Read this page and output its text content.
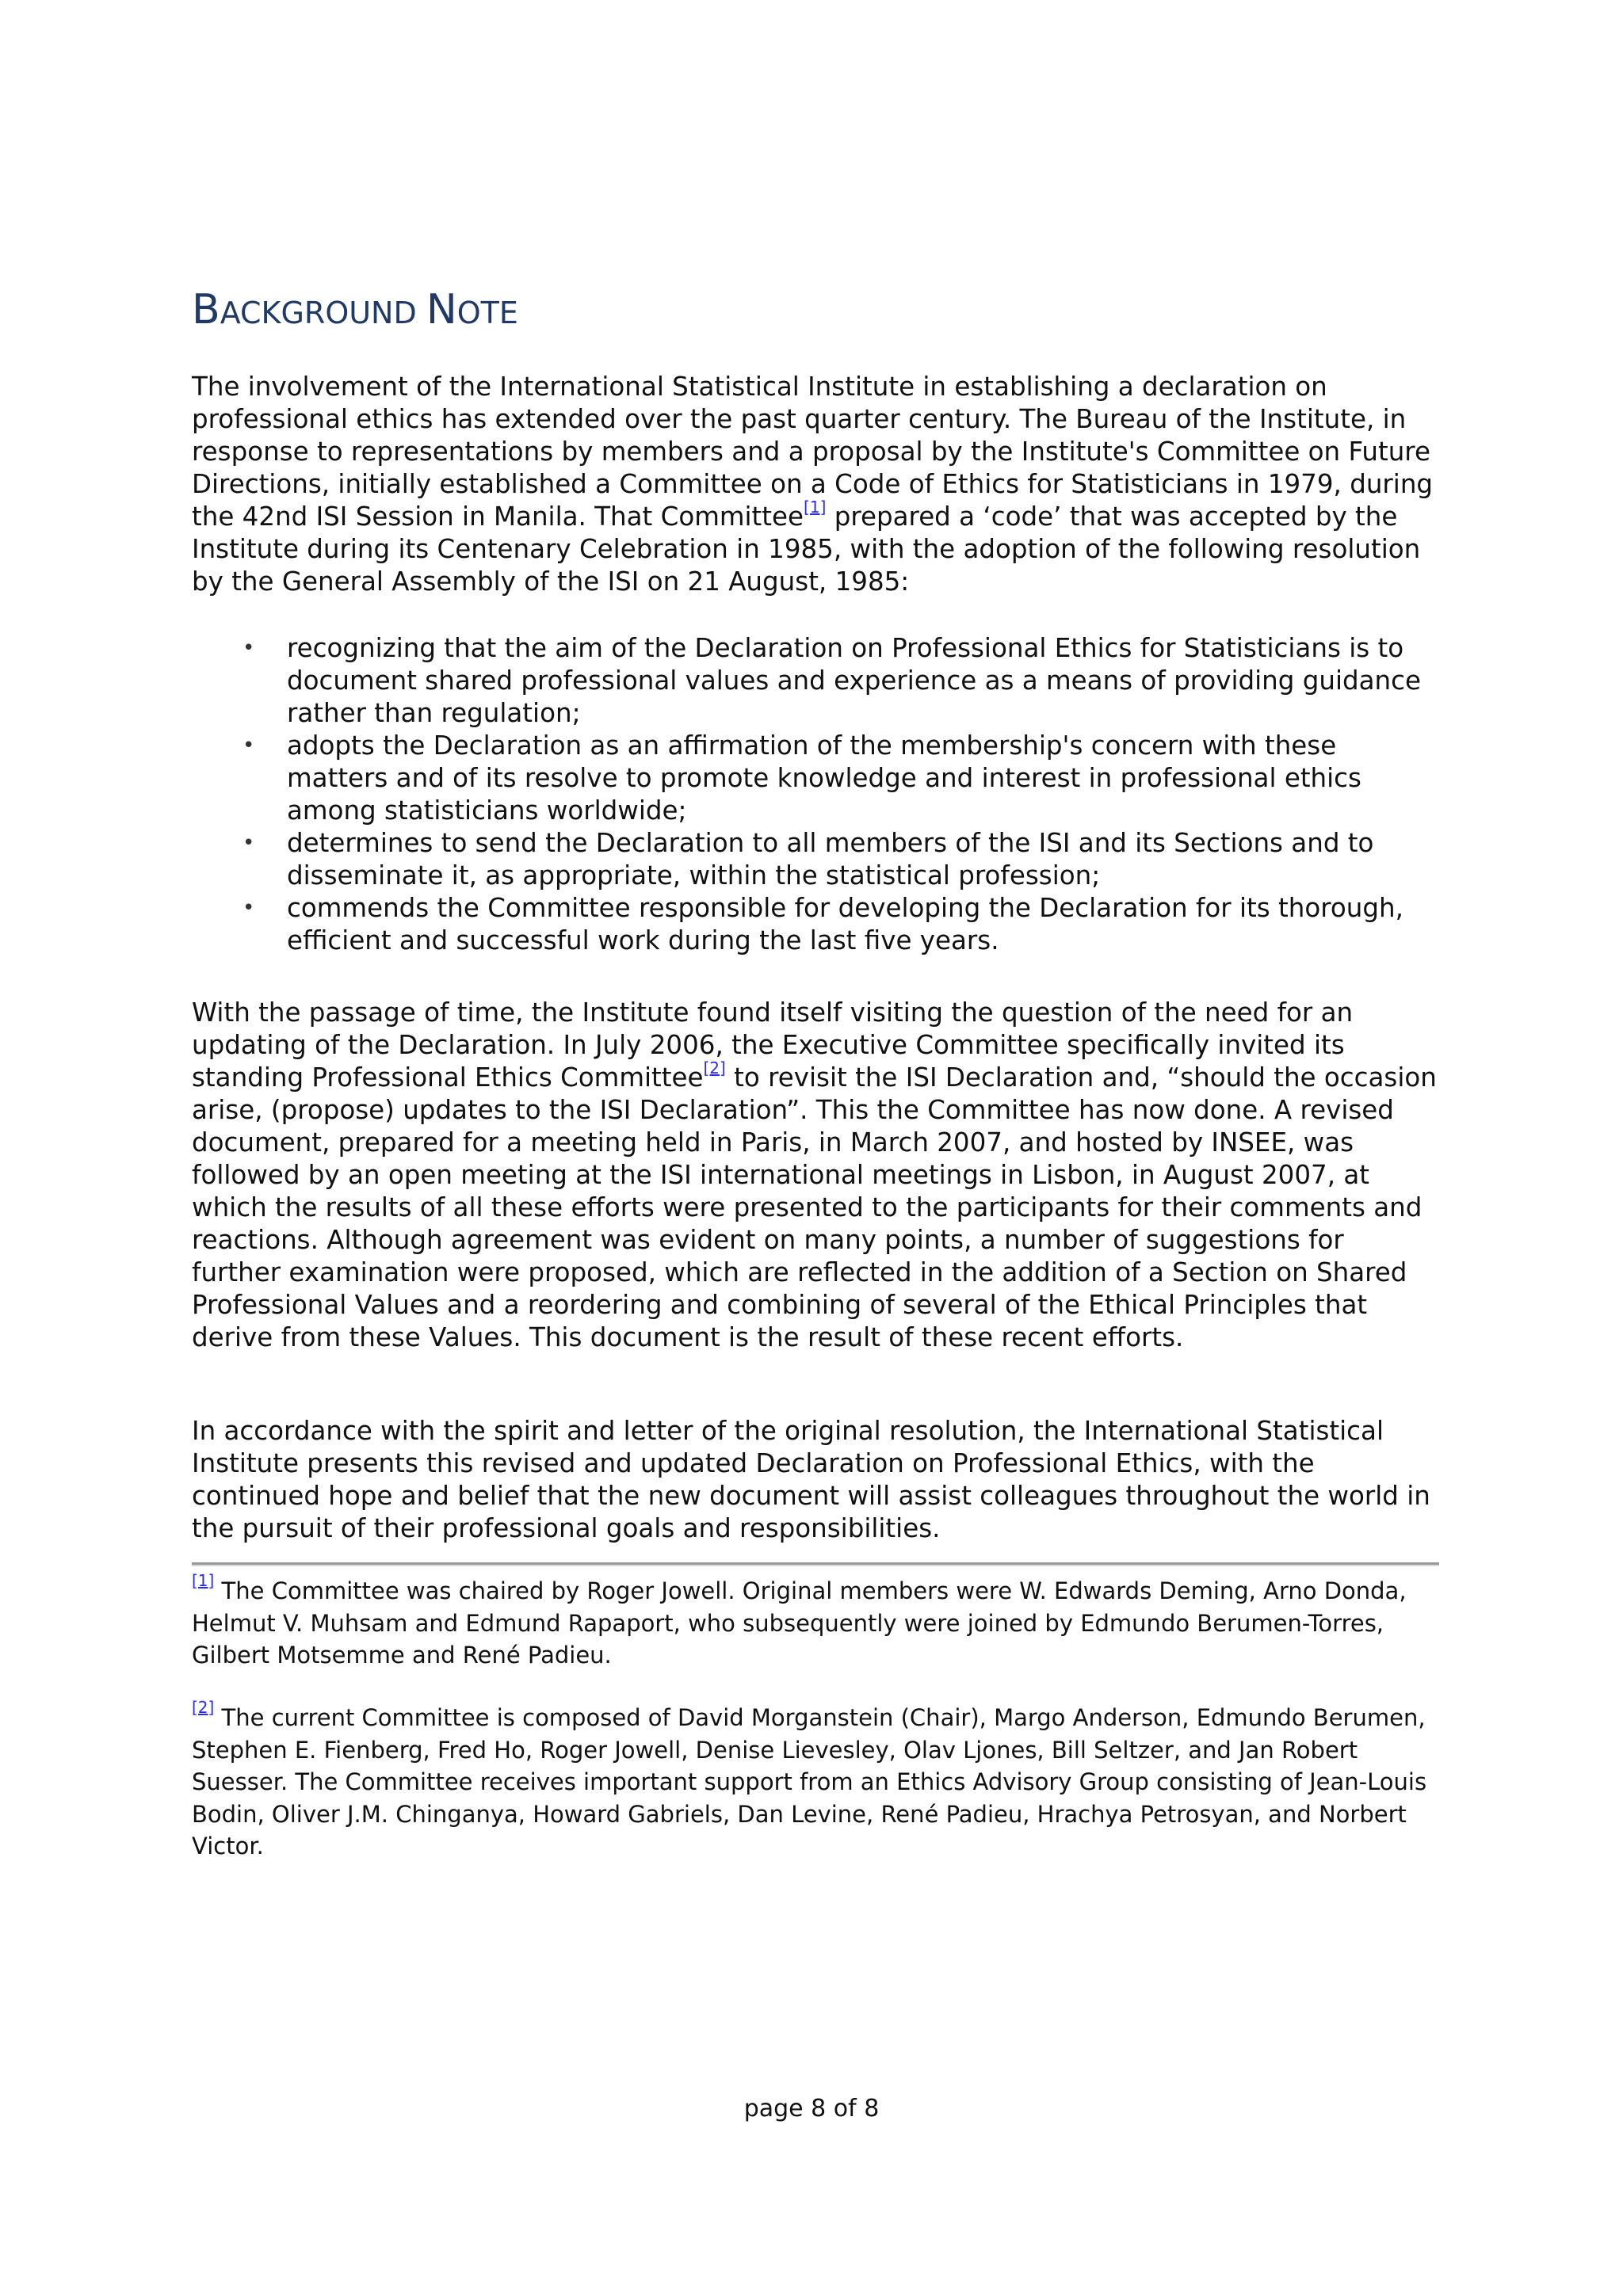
BACKGROUND NOTE

The involvement of the International Statistical Institute in establishing a declaration on professional ethics has extended over the past quarter century. The Bureau of the Institute, in response to representations by members and a proposal by the Institute's Committee on Future Directions, initially established a Committee on a Code of Ethics for Statisticians in 1979, during the 42nd ISI Session in Manila. That Committee[1] prepared a ‘code’ that was accepted by the Institute during its Centenary Celebration in 1985, with the adoption of the following resolution by the General Assembly of the ISI on 21 August, 1985:

• recognizing that the aim of the Declaration on Professional Ethics for Statisticians is to document shared professional values and experience as a means of providing guidance rather than regulation;
• adopts the Declaration as an affirmation of the membership's concern with these matters and of its resolve to promote knowledge and interest in professional ethics among statisticians worldwide;
• determines to send the Declaration to all members of the ISI and its Sections and to disseminate it, as appropriate, within the statistical profession;
• commends the Committee responsible for developing the Declaration for its thorough, efficient and successful work during the last five years.

With the passage of time, the Institute found itself visiting the question of the need for an updating of the Declaration. In July 2006, the Executive Committee specifically invited its standing Professional Ethics Committee[2] to revisit the ISI Declaration and, “should the occasion arise, (propose) updates to the ISI Declaration”. This the Committee has now done. A revised document, prepared for a meeting held in Paris, in March 2007, and hosted by INSEE, was followed by an open meeting at the ISI international meetings in Lisbon, in August 2007, at which the results of all these efforts were presented to the participants for their comments and reactions. Although agreement was evident on many points, a number of suggestions for further examination were proposed, which are reflected in the addition of a Section on Shared Professional Values and a reordering and combining of several of the Ethical Principles that derive from these Values. This document is the result of these recent efforts.

In accordance with the spirit and letter of the original resolution, the International Statistical Institute presents this revised and updated Declaration on Professional Ethics, with the continued hope and belief that the new document will assist colleagues throughout the world in the pursuit of their professional goals and responsibilities.

[1] The Committee was chaired by Roger Jowell. Original members were W. Edwards Deming, Arno Donda, Helmut V. Muhsam and Edmund Rapaport, who subsequently were joined by Edmundo Berumen-Torres, Gilbert Motsemme and René Padieu.

[2] The current Committee is composed of David Morganstein (Chair), Margo Anderson, Edmundo Berumen, Stephen E. Fienberg, Fred Ho, Roger Jowell, Denise Lievesley, Olav Ljones, Bill Seltzer, and Jan Robert Suesser. The Committee receives important support from an Ethics Advisory Group consisting of Jean-Louis Bodin, Oliver J.M. Chinganya, Howard Gabriels, Dan Levine, René Padieu, Hrachya Petrosyan, and Norbert Victor.

page 8 of 8
